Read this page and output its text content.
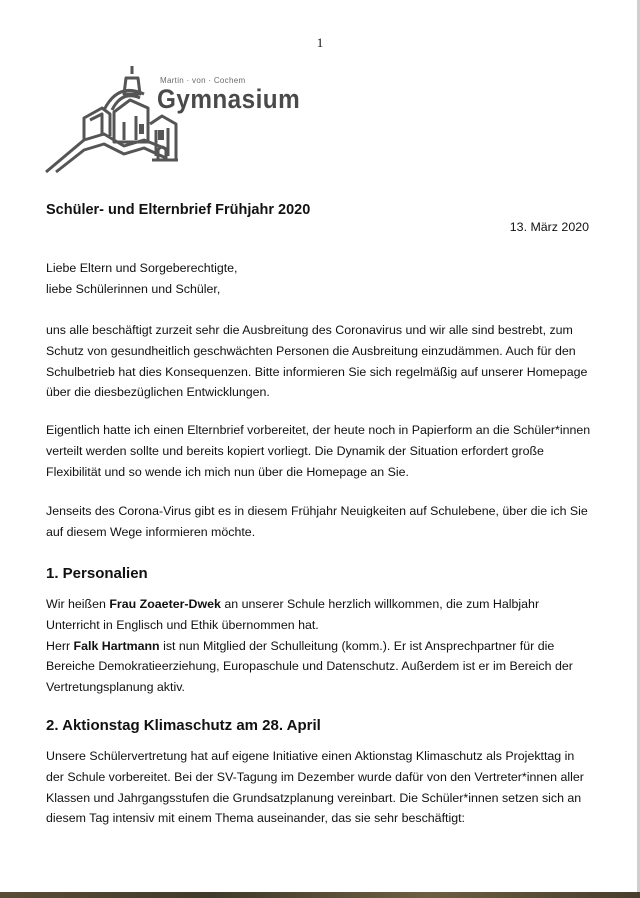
1
Martin · von · Cochem
Gymnasium
Schüler- und Elternbrief Frühjahr 2020
13. März 2020

Liebe Eltern und Sorgeberechtigte,

liebe Schülerinnen und Schüler,

uns alle beschäftigt zurzeit sehr die Ausbreitung des Coronavirus und wir alle sind bestrebt, zum Schutz von gesundheitlich geschwächten Personen die Ausbreitung einzudämmen. Auch für den Schulbetrieb hat dies Konsequenzen. Bitte informieren Sie sich regelmäßig auf unserer Homepage über die diesbezüglichen Entwicklungen.

Eigentlich hatte ich einen Elternbrief vorbereitet, der heute noch in Papierform an die Schüler*innen verteilt werden sollte und bereits kopiert vorliegt. Die Dynamik der Situation erfordert große Flexibilität und so wende ich mich nun über die Homepage an Sie.

Jenseits des Corona-Virus gibt es in diesem Frühjahr Neuigkeiten auf Schulebene, über die ich Sie auf diesem Wege informieren möchte.

1. Personalien

Wir heißen Frau Zoaeter-Dwek an unserer Schule herzlich willkommen, die zum Halbjahr Unterricht in Englisch und Ethik übernommen hat.

Herr Falk Hartmann ist nun Mitglied der Schulleitung (komm.). Er ist Ansprechpartner für die Bereiche Demokratieerziehung, Europaschule und Datenschutz. Außerdem ist er im Bereich der Vertretungsplanung aktiv.

2. Aktionstag Klimaschutz am 28. April

Unsere Schülervertretung hat auf eigene Initiative einen Aktionstag Klimaschutz als Projekttag in der Schule vorbereitet. Bei der SV-Tagung im Dezember wurde dafür von den Vertreter*innen aller Klassen und Jahrgangsstufen die Grundsatzplanung vereinbart. Die Schüler*innen setzen sich an diesem Tag intensiv mit einem Thema auseinander, das sie sehr beschäftigt:
